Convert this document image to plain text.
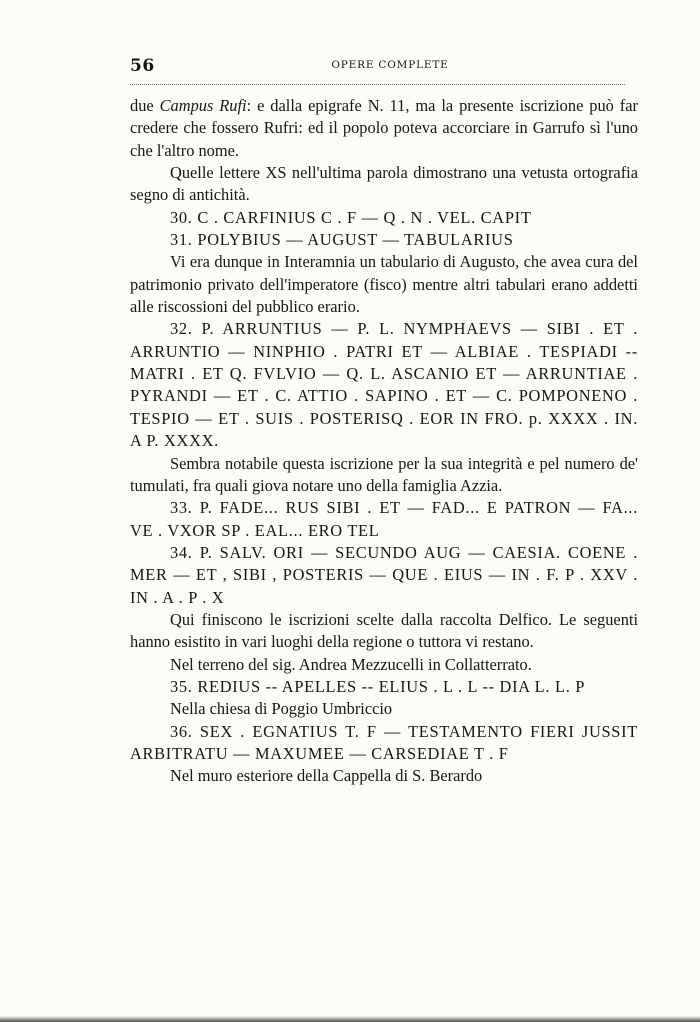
56	OPERE COMPLETE

due Campus Rufi: e dalla epigrafe N. 11, ma la presente iscrizione può far credere che fossero Rufri: ed il popolo poteva accorciare in Garrufo sì l'uno che l'altro nome.

Quelle lettere XS nell'ultima parola dimostrano una vetusta ortografia segno di antichità.

30. C . CARFINIUS C . F — Q . N . VEL. CAPIT

31. POLYBIUS — AUGUST — TABULARIUS

Vi era dunque in Interamnia un tabulario di Augusto, che avea cura del patrimonio privato dell'imperatore (fisco) mentre altri tabulari erano addetti alle riscossioni del pubblico erario.

32. P. ARRUNTIUS — P. L. NYMPHAEVS — SIBI . ET . ARRUNTIO — NINPHIO . PATRI ET — ALBIAE . TESPIADI -- MATRI . ET Q. FVLVIO — Q. L. ASCANIO ET — ARRUNTIAE . PYRANDI — ET . C. ATTIO . SAPINO . ET — C. POMPONENO . TESPIO — ET . SUIS . POSTERISQ . EOR IN FRO. p. XXXX . IN. A P. XXXX.

Sembra notabile questa iscrizione per la sua integrità e pel numero de' tumulati, fra quali giova notare uno della famiglia Azzia.

33. P. FADE... RUS SIBI . ET — FAD... E PATRON — FA... VE . VXOR SP . EAL... ERO TEL

34. P. SALV. ORI — SECUNDO AUG — CAESIA. COENE . MER — ET , SIBI , POSTERIS — QUE . EIUS — IN . F. P . XXV . IN . A . P . X

Qui finiscono le iscrizioni scelte dalla raccolta Delfico. Le seguenti hanno esistito in vari luoghi della regione o tuttora vi restano.

Nel terreno del sig. Andrea Mezzucelli in Collatterrato.

35. REDIUS -- APELLES -- ELIUS . L . L -- DIA L. L. P

Nella chiesa di Poggio Umbriccio

36. SEX . EGNATIUS T. F — TESTAMENTO FIERI JUSSIT ARBITRATU — MAXUMEE — CARSEDIAE T . F

Nel muro esteriore della Cappella di S. Berardo
